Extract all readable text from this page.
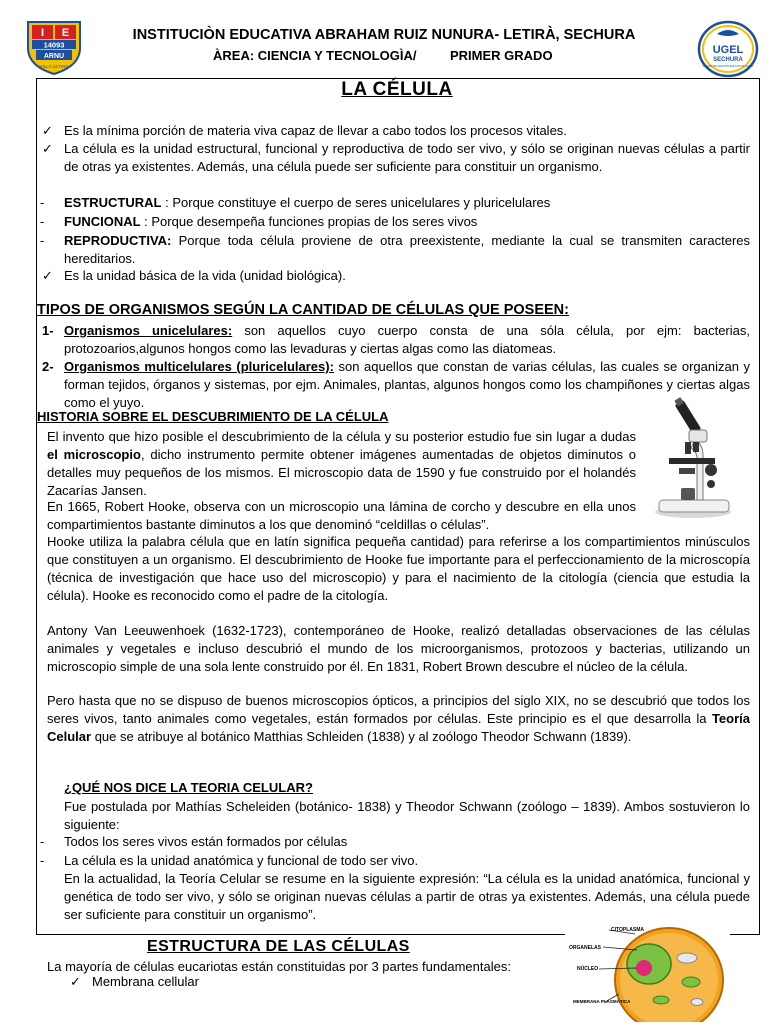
I E
14093
ARNU
VILLA LETIRA
INSTITUCIÒN EDUCATIVA ABRAHAM RUIZ NUNURA- LETIRÀ, SECHURA
ÀREA: CIENCIA Y TECNOLOGÌA/	PRIMER GRADO	UGEL
SECHURA
UNIDAD DE GESTIÓN EDUCATIVA LOCAL
LA CÉLULA
✓ Es la mínima porción de materia viva capaz de llevar a cabo todos los procesos vitales.
✓ La célula es la unidad estructural, funcional y reproductiva de todo ser vivo, y sólo se originan nuevas células a partir de otras ya existentes. Además, una célula puede ser suficiente para constituir un organismo.
- ESTRUCTURAL : Porque constituye el cuerpo de seres unicelulares y pluricelulares
- FUNCIONAL : Porque desempeña funciones propias de los seres vivos
- REPRODUCTIVA: Porque toda célula proviene de otra preexistente, mediante la cual se transmiten caracteres hereditarios.
✓ Es la unidad básica de la vida (unidad biológica).
TIPOS DE ORGANISMOS SEGÚN LA CANTIDAD DE CÉLULAS QUE POSEEN:
1- Organismos unicelulares: son aquellos cuyo cuerpo consta de una sóla célula, por ejm: bacterias, protozoarios,algunos hongos como las levaduras y ciertas algas como las diatomeas.
2- Organismos multicelulares (pluricelulares): son aquellos que constan de varias células, las cuales se organizan y forman tejidos, órganos y sistemas, por ejm. Animales, plantas, algunos hongos como los champiñones y ciertas algas como el yuyo.
HISTORIA SOBRE EL DESCUBRIMIENTO DE LA CÉLULA
El invento que hizo posible el descubrimiento de la célula y su posterior estudio fue sin lugar a dudas el microscopio, dicho instrumento permite obtener imágenes aumentadas de objetos diminutos o detalles muy pequeños de los mismos. El microscopio data de 1590 y fue construido por el holandés Zacarías Jansen.
En 1665, Robert Hooke, observa con un microscopio una lámina de corcho y descubre en ella unos compartimientos bastante diminutos a los que denominó “celdillas o células”.
Hooke utiliza la palabra célula que en latín significa pequeña cantidad) para referirse a los compartimientos minúsculos que constituyen a un organismo. El descubrimiento de Hooke fue importante para el perfeccionamiento de la microscopía (técnica de investigación que hace uso del microscopio) y para el nacimiento de la citología (ciencia que estudia la célula). Hooke es reconocido como el padre de la citología.
Antony Van Leeuwenhoek (1632-1723), contemporáneo de Hooke, realizó detalladas observaciones de las células animales y vegetales e incluso descubrió el mundo de los microorganismos, protozoos y bacterias, utilizando un microscopio simple de una sola lente construido por él. En 1831, Robert Brown descubre el núcleo de la célula.
Pero hasta que no se dispuso de buenos microscopios ópticos, a principios del siglo XIX, no se descubrió que todos los seres vivos, tanto animales como vegetales, están formados por células. Este principio es el que desarrolla la Teoría Celular que se atribuye al botánico Matthias Schleiden (1838) y al zoólogo Theodor Schwann (1839).
¿QUÉ NOS DICE LA TEORIA CELULAR?
Fue postulada por Mathías Scheleiden (botánico- 1838) y Theodor Schwann (zoólogo – 1839). Ambos sostuvieron lo siguiente:
- Todos los seres vivos están formados por células
- La célula es la unidad anatómica y funcional de todo ser vivo.
En la actualidad, la Teoría Celular se resume en la siguiente expresión: “La célula es la unidad anatómica, funcional y genética de todo ser vivo, y sólo se originan nuevas células a partir de otras ya existentes. Además, una célula puede ser suficiente para constituir un organismo”.
ESTRUCTURA DE LAS CÉLULAS
La mayoría de células eucariotas están constituidas por 3 partes fundamentales:
✓ Membrana cellular
CITOPLASMA
ORGANELAS
NÚCLEO
MEMBRANA PLASMÁTICA
